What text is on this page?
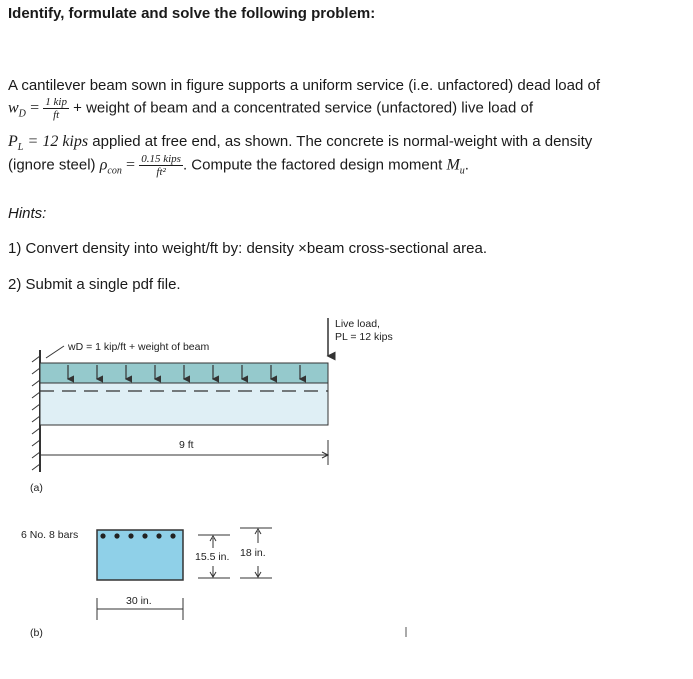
Identify, formulate and solve the following problem:
A cantilever beam sown in figure supports a uniform service (i.e. unfactored) dead load of
$w_D = \frac{\text{1 kip}}{ft}$ + weight of beam and a concentrated service (unfactored) live load of
$P_L = 12$ kips applied at free end, as shown. The concrete is normal-weight with a density
(ignore steel) $\rho_{con} = \frac{\text{0.15 kips}}{\text{ft²}}$ . Compute the factored design moment $M_u$.
Hints:
1) Convert density into weight/ft by: density ×beam cross-sectional area.
2) Submit a single pdf file.
Live load,
PL = 12 kips
wD = 1 kip/ft + weight of beam
9 ft
(a)
6 No. 8 bars
15.5 in. 18 in.
30 in.
(b)
